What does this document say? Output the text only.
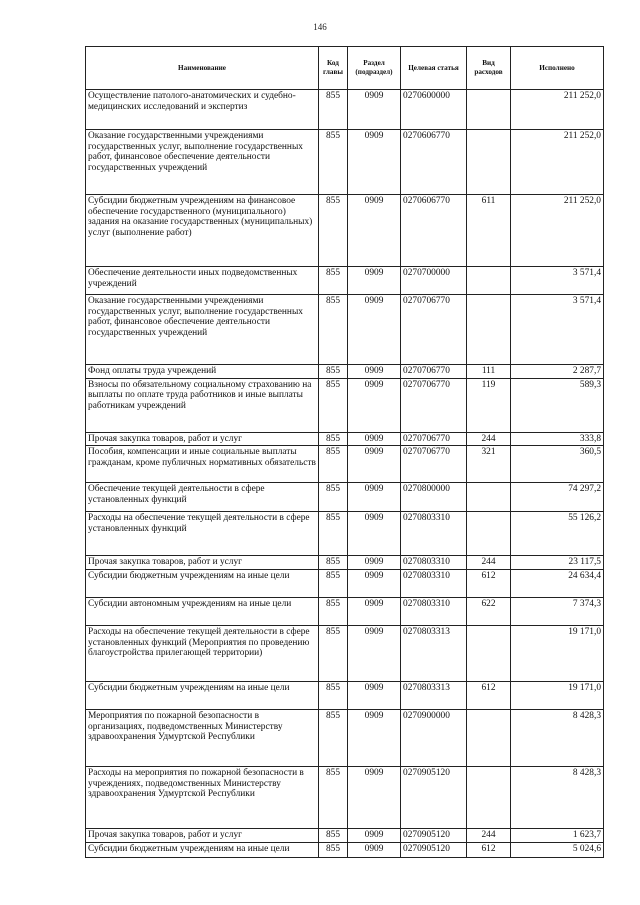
146
Наименование	Код главы	Раздел (подраздел)	Целевая статья	Вид расходов	Исполнено
Осуществление патолого-анатомических и судебно-медицинских исследований и экспертиз	855	0909	0270600000		211 252,0
Оказание государственными учреждениями государственных услуг, выполнение государственных работ, финансовое обеспечение деятельности государственных учреждений	855	0909	0270606770		211 252,0
Субсидии бюджетным учреждениям на финансовое обеспечение государственного (муниципального) задания на оказание государственных (муниципальных) услуг (выполнение работ)	855	0909	0270606770	611	211 252,0
Обеспечение деятельности иных подведомственных учреждений	855	0909	0270700000		3 571,4
Оказание государственными учреждениями государственных услуг, выполнение государственных работ, финансовое обеспечение деятельности государственных учреждений	855	0909	0270706770		3 571,4
Фонд оплаты труда учреждений	855	0909	0270706770	111	2 287,7
Взносы по обязательному социальному страхованию на выплаты по оплате труда работников и иные выплаты работникам учреждений	855	0909	0270706770	119	589,3
Прочая закупка товаров, работ и услуг	855	0909	0270706770	244	333,8
Пособия, компенсации и иные социальные выплаты гражданам, кроме публичных нормативных обязательств	855	0909	0270706770	321	360,5
Обеспечение текущей деятельности в сфере установленных функций	855	0909	0270800000		74 297,2
Расходы на обеспечение текущей деятельности в сфере установленных функций	855	0909	0270803310		55 126,2
Прочая закупка товаров, работ и услуг	855	0909	0270803310	244	23 117,5
Субсидии бюджетным учреждениям на иные цели	855	0909	0270803310	612	24 634,4
Субсидии автономным учреждениям на иные цели	855	0909	0270803310	622	7 374,3
Расходы на обеспечение текущей деятельности в сфере установленных функций (Мероприятия по проведению благоустройства прилегающей территории)	855	0909	0270803313		19 171,0
Субсидии бюджетным учреждениям на иные цели	855	0909	0270803313	612	19 171,0
Мероприятия по пожарной безопасности в организациях, подведомственных Министерству здравоохранения Удмуртской Республики	855	0909	0270900000		8 428,3
Расходы на мероприятия по пожарной безопасности в учреждениях, подведомственных Министерству здравоохранения Удмуртской Республики	855	0909	0270905120		8 428,3
Прочая закупка товаров, работ и услуг	855	0909	0270905120	244	1 623,7
Субсидии бюджетным учреждениям на иные цели	855	0909	0270905120	612	5 024,6
